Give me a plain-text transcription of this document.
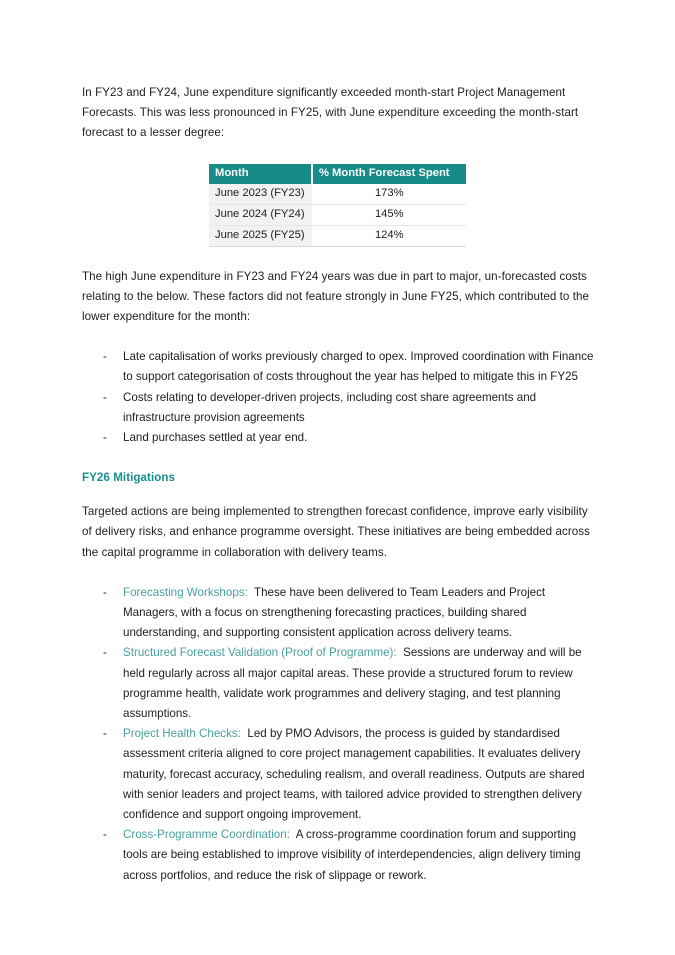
In FY23 and FY24, June expenditure significantly exceeded month-start Project Management Forecasts. This was less pronounced in FY25, with June expenditure exceeding the month-start forecast to a lesser degree:

Month	% Month Forecast Spent
June 2023 (FY23)	173%
June 2024 (FY24)	145%
June 2025 (FY25)	124%

The high June expenditure in FY23 and FY24 years was due in part to major, un-forecasted costs relating to the below. These factors did not feature strongly in June FY25, which contributed to the lower expenditure for the month:

- Late capitalisation of works previously charged to opex. Improved coordination with Finance to support categorisation of costs throughout the year has helped to mitigate this in FY25
- Costs relating to developer-driven projects, including cost share agreements and infrastructure provision agreements
- Land purchases settled at year end.
FY26 Mitigations

Targeted actions are being implemented to strengthen forecast confidence, improve early visibility of delivery risks, and enhance programme oversight. These initiatives are being embedded across the capital programme in collaboration with delivery teams.

- Forecasting Workshops: These have been delivered to Team Leaders and Project Managers, with a focus on strengthening forecasting practices, building shared understanding, and supporting consistent application across delivery teams.
- Structured Forecast Validation (Proof of Programme): Sessions are underway and will be held regularly across all major capital areas. These provide a structured forum to review programme health, validate work programmes and delivery staging, and test planning assumptions.
- Project Health Checks: Led by PMO Advisors, the process is guided by standardised assessment criteria aligned to core project management capabilities. It evaluates delivery maturity, forecast accuracy, scheduling realism, and overall readiness. Outputs are shared with senior leaders and project teams, with tailored advice provided to strengthen delivery confidence and support ongoing improvement.
- Cross-Programme Coordination: A cross-programme coordination forum and supporting tools are being established to improve visibility of interdependencies, align delivery timing across portfolios, and reduce the risk of slippage or rework.
